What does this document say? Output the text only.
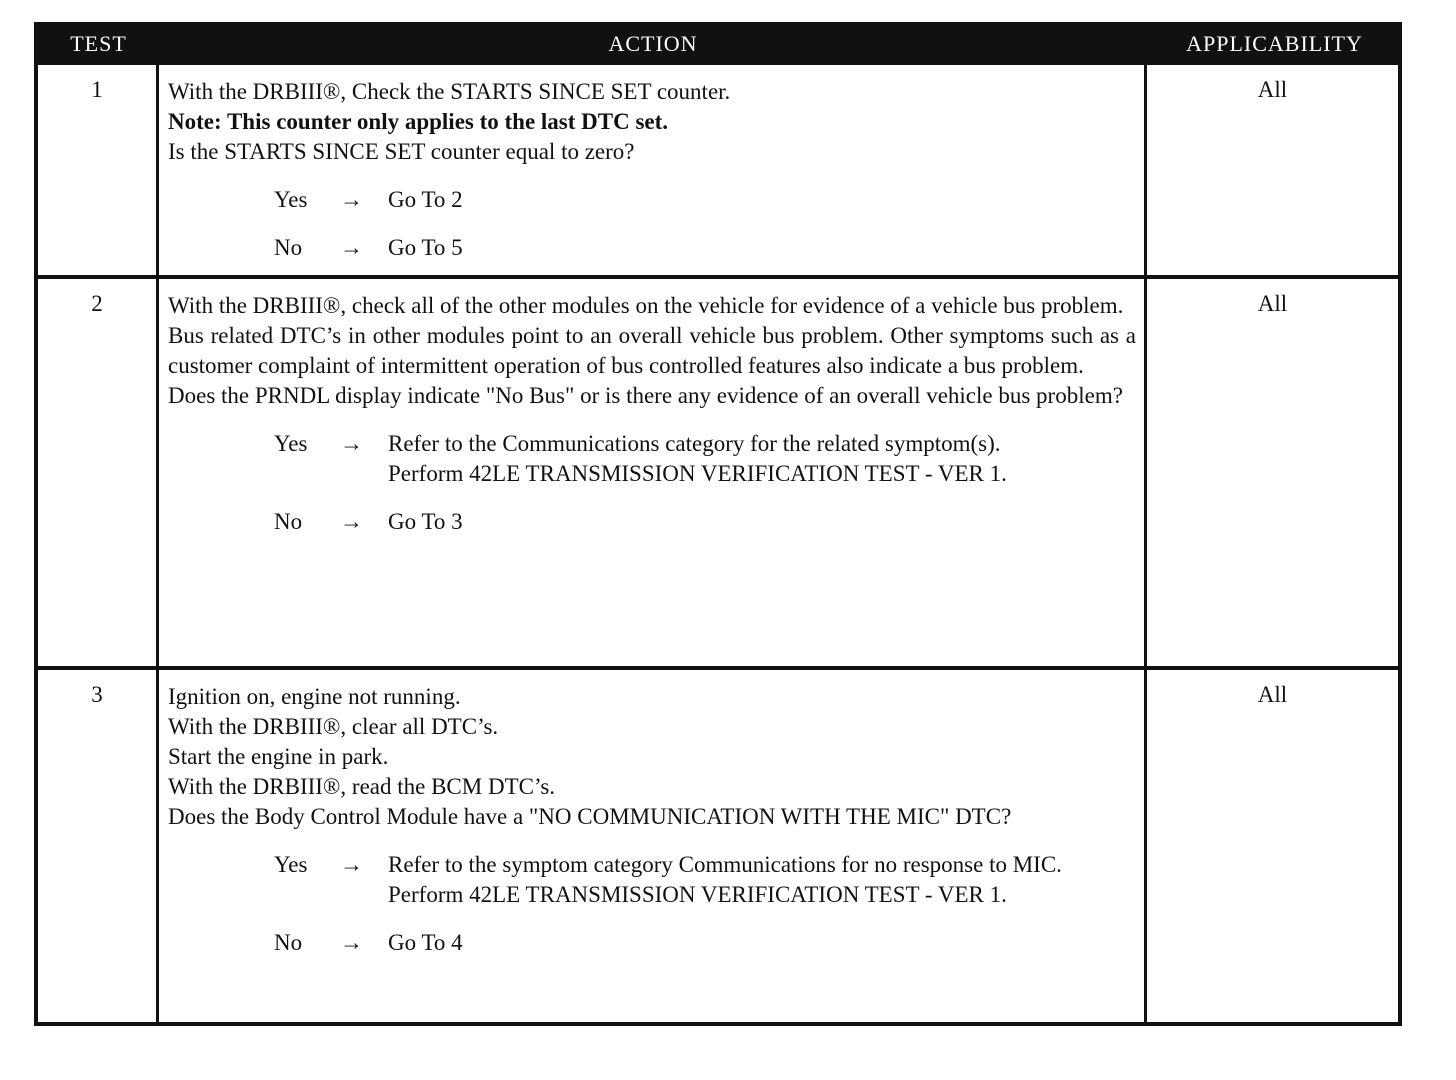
TEST	ACTION	APPLICABILITY
1	With the DRBIII®, Check the STARTS SINCE SET counter.
Note: This counter only applies to the last DTC set.
Is the STARTS SINCE SET counter equal to zero?
Yes → Go To 2
No → Go To 5
All
2	With the DRBIII®, check all of the other modules on the vehicle for evidence of a vehicle bus problem.
Bus related DTC’s in other modules point to an overall vehicle bus problem. Other symptoms such as a customer complaint of intermittent operation of bus controlled features also indicate a bus problem.
Does the PRNDL display indicate "No Bus" or is there any evidence of an overall vehicle bus problem?
Yes → Refer to the Communications category for the related symptom(s).
Perform 42LE TRANSMISSION VERIFICATION TEST - VER 1.
No → Go To 3
All
3	Ignition on, engine not running.
With the DRBIII®, clear all DTC’s.
Start the engine in park.
With the DRBIII®, read the BCM DTC’s.
Does the Body Control Module have a "NO COMMUNICATION WITH THE MIC" DTC?
Yes → Refer to the symptom category Communications for no response to MIC.
Perform 42LE TRANSMISSION VERIFICATION TEST - VER 1.
No → Go To 4
All
